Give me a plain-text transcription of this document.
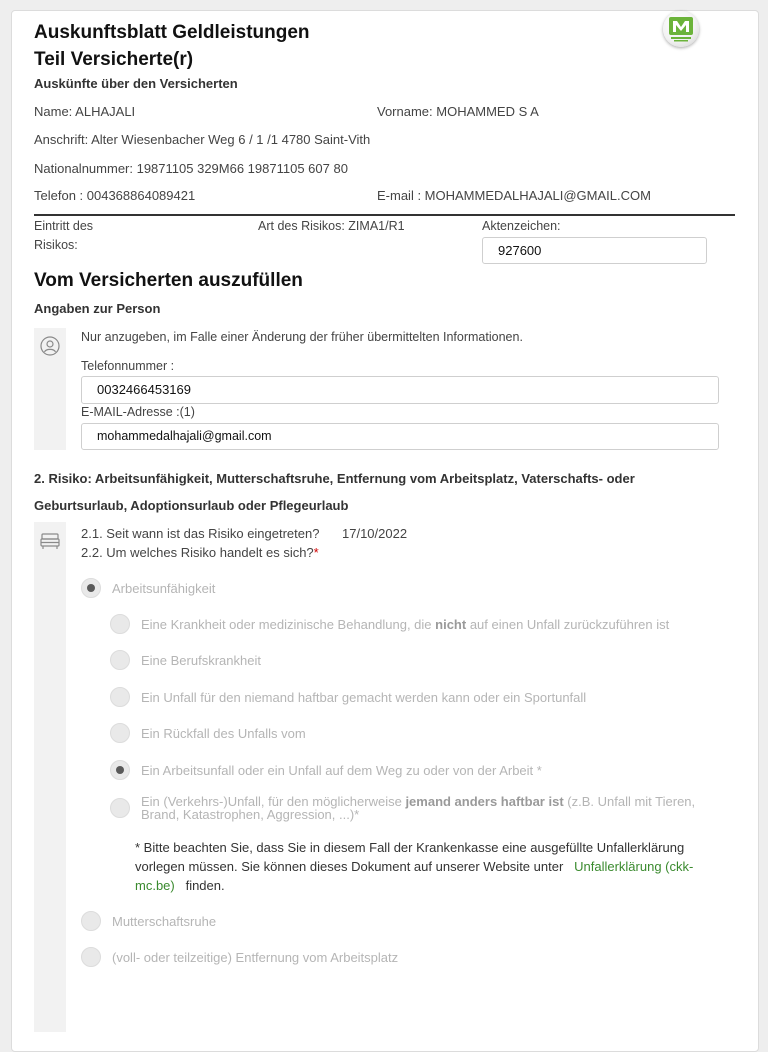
Auskunftsblatt Geldleistungen
Teil Versicherte(r)
Auskünfte über den Versicherten
Name: ALHAJALI	Vorname: MOHAMMED S A
Anschrift: Alter Wiesenbacher Weg 6 / 1 /1 4780 Saint-Vith
Nationalnummer: 19871105 329M66 19871105 607 80
Telefon : 004368864089421	E-mail : MOHAMMEDALHAJALI@GMAIL.COM
Eintritt des
Risikos:
Art des Risikos: ZIMA1/R1	Aktenzeichen:
927600
Vom Versicherten auszufüllen
Angaben zur Person
Nur anzugeben, im Falle einer Änderung der früher übermittelten Informationen.
Telefonnummer :
0032466453169
E-MAIL-Adresse :(1)
mohammedalhajali@gmail.com
2. Risiko: Arbeitsunfähigkeit, Mutterschaftsruhe, Entfernung vom Arbeitsplatz, Vaterschafts- oder
Geburtsurlaub, Adoptionsurlaub oder Pflegeurlaub
2.1. Seit wann ist das Risiko eingetreten? 17/10/2022
2.2. Um welches Risiko handelt es sich?*
Arbeitsunfähigkeit
Eine Krankheit oder medizinische Behandlung, die nicht auf einen Unfall zurückzuführen ist
Eine Berufskrankheit
Ein Unfall für den niemand haftbar gemacht werden kann oder ein Sportunfall
Ein Rückfall des Unfalls vom
Ein Arbeitsunfall oder ein Unfall auf dem Weg zu oder von der Arbeit *
Ein (Verkehrs-)Unfall, für den möglicherweise jemand anders haftbar ist (z.B. Unfall mit Tieren,
Brand, Katastrophen, Aggression, ...)*
* Bitte beachten Sie, dass Sie in diesem Fall der Krankenkasse eine ausgefüllte Unfallerklärung
vorlegen müssen. Sie können dieses Dokument auf unserer Website unter Unfallerklärung (ckk-
mc.be) finden.
Mutterschaftsruhe
(voll- oder teilzeitige) Entfernung vom Arbeitsplatz
